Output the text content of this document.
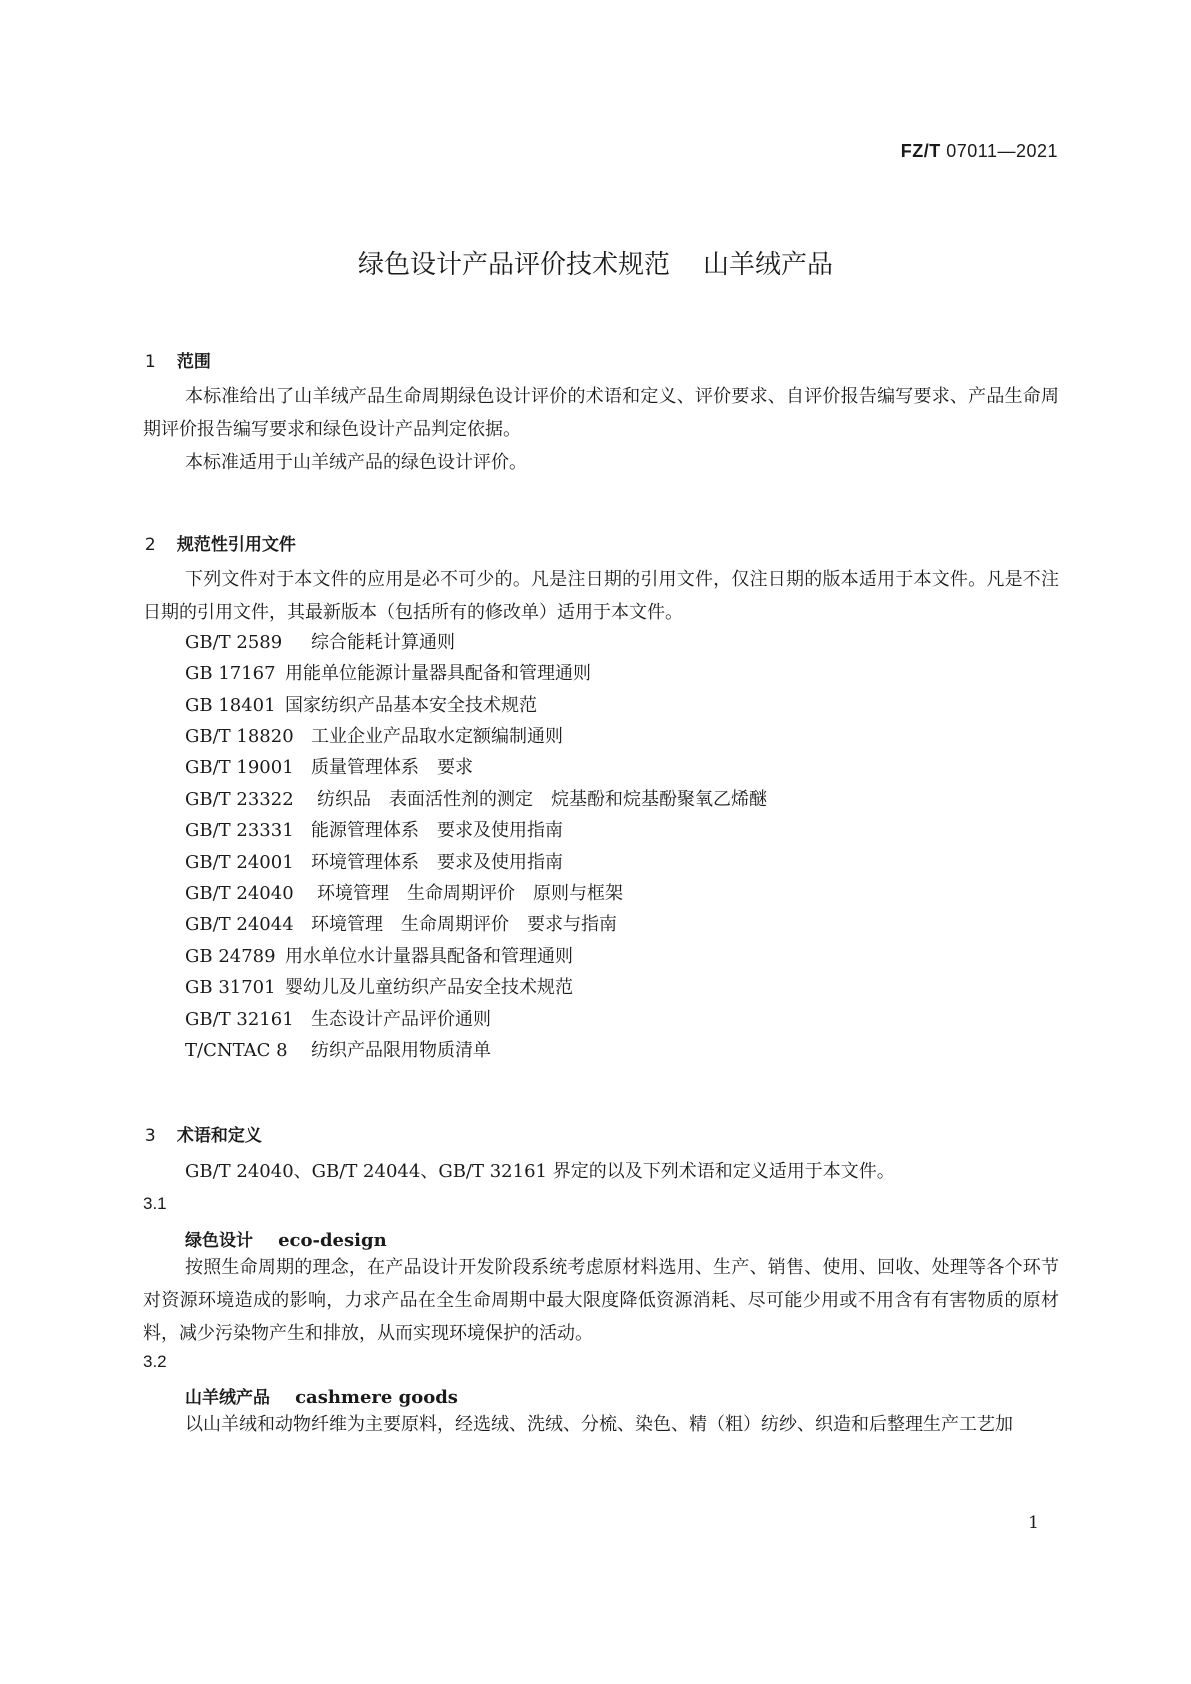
FZ/T 07011—2021
绿色设计产品评价技术规范    山羊绒产品

1 范围

本标准给出了山羊绒产品生命周期绿色设计评价的术语和定义、评价要求、自评价报告编写要求、产品生命周期评价报告编写要求和绿色设计产品判定依据。
本标准适用于山羊绒产品的绿色设计评价。

2 规范性引用文件

下列文件对于本文件的应用是必不可少的。凡是注日期的引用文件，仅注日期的版本适用于本文件。凡是不注日期的引用文件，其最新版本（包括所有的修改单）适用于本文件。
GB/T 2589 综合能耗计算通则
GB 17167 用能单位能源计量器具配备和管理通则
GB 18401 国家纺织产品基本安全技术规范
GB/T 18820 工业企业产品取水定额编制通则
GB/T 19001 质量管理体系　要求
GB/T 23322 纺织品　表面活性剂的测定　烷基酚和烷基酚聚氧乙烯醚
GB/T 23331 能源管理体系　要求及使用指南
GB/T 24001 环境管理体系　要求及使用指南
GB/T 24040 环境管理　生命周期评价　原则与框架
GB/T 24044 环境管理　生命周期评价　要求与指南
GB 24789 用水单位水计量器具配备和管理通则
GB 31701 婴幼儿及儿童纺织产品安全技术规范
GB/T 32161 生态设计产品评价通则
T/CNTAC 8 纺织产品限用物质清单

3 术语和定义

GB/T 24040、GB/T 24044、GB/T 32161 界定的以及下列术语和定义适用于本文件。
3.1
绿色设计 eco-design
按照生命周期的理念，在产品设计开发阶段系统考虑原材料选用、生产、销售、使用、回收、处理等各个环节对资源环境造成的影响，力求产品在全生命周期中最大限度降低资源消耗、尽可能少用或不用含有有害物质的原材料，减少污染物产生和排放，从而实现环境保护的活动。
3.2
山羊绒产品 cashmere goods
以山羊绒和动物纤维为主要原料，经选绒、洗绒、分梳、染色、精（粗）纺纱、织造和后整理生产工艺加
1
